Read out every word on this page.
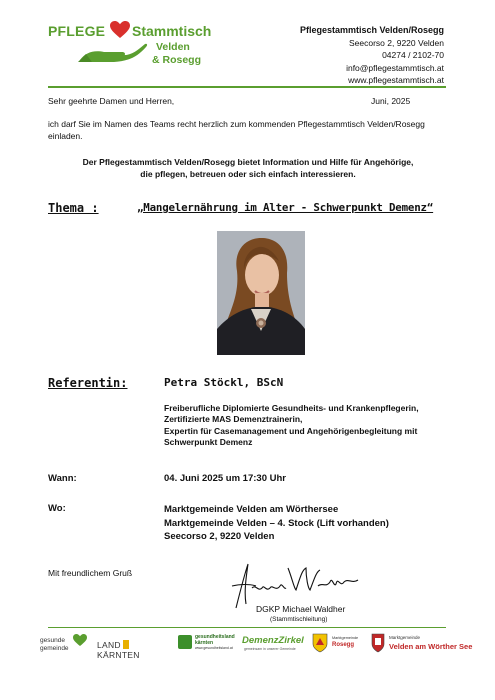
PFLEGE Stammtisch
Velden
& Rosegg
Pflegestammtisch Velden/Rosegg
Seecorso 2, 9220 Velden
04274 / 2102-70
info@pflegestammtisch.at
www.pflegestammtisch.at
Sehr geehrte Damen und Herren,	Juni, 2025
ich darf Sie im Namen des Teams recht herzlich zum kommenden Pflegestammtisch Velden/Rosegg einladen.
Der Pflegestammtisch Velden/Rosegg bietet Information und Hilfe für Angehörige,
die pflegen, betreuen oder sich einfach interessieren.
Thema :	„Mangelernährung im Alter - Schwerpunkt Demenz“
Referentin:	Petra Stöckl, BScN
Freiberufliche Diplomierte Gesundheits- und Krankenpflegerin,
Zertifizierte MAS Demenztrainerin,
Expertin für Casemanagement und Angehörigenbegleitung mit
Schwerpunkt Demenz
Wann:	04. Juni 2025 um 17:30 Uhr
Wo:	Marktgemeinde Velden am Wörthersee
Marktgemeinde Velden – 4. Stock (Lift vorhanden)
Seecorso 2, 9220 Velden
Mit freundlichem Gruß
DGKP Michael Waldher
(Stammtischleitung)
gesunde
gemeinde	LANDKÄRNTEN
gesundheitsland
kärnten
www.gesundheitsland.at
DemenzZirkel
gemeinsam in unserer Gemeinde
Marktgemeinde
Rosegg
Marktgemeinde
Velden am Wörther See
